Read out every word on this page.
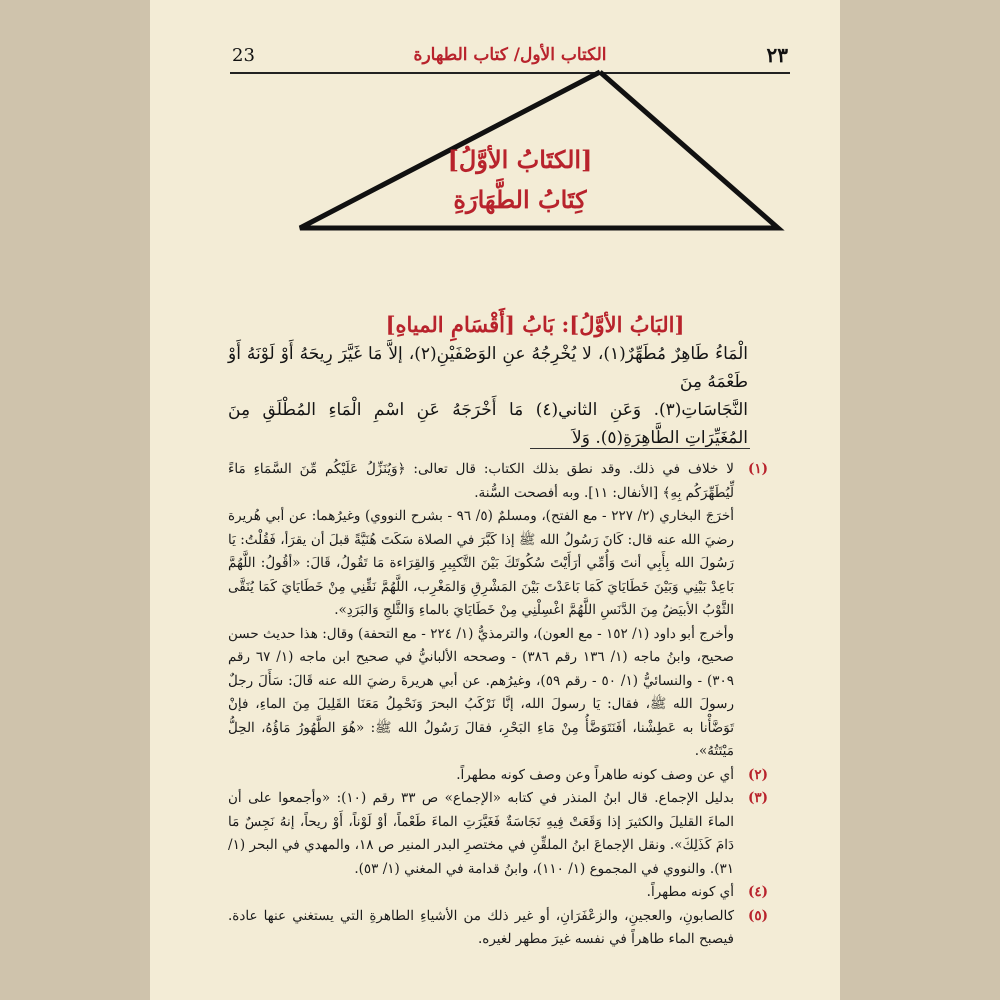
23	الكتاب الأول/ كتاب الطهارة	٢٣
[الكتَابُ الأوَّلُ]
كِتَابُ الطَّهَارَةِ
[البَابُ الأوَّلُ]: بَابُ [أَقْسَامِ المياهِ]

الْمَاءُ طَاهِرٌ مُطَهِّرٌ(١)، لا يُخْرِجُهُ عنِ الوَصْفَيْنِ(٢)، إلاَّ مَا غَيَّرَ رِيحَهُ أَوْ لَوْنَهُ أَوْ طَعْمَهُ مِنَ

النَّجَاسَاتِ(٣). وَعَنِ الثاني(٤) مَا أَخْرَجَهُ عَنِ اسْمِ الْمَاءِ المُطْلَقِ مِنَ المُغَيِّرَاتِ الطَّاهِرَةِ(٥). وَلاَ

(١)

لا خلاف في ذلك. وقد نطق بذلك الكتاب: قال تعالى: ﴿وَيُنَزِّلُ عَلَيْكُم مِّنَ السَّمَاءِ مَاءً لِّيُطَهِّرَكُم بِهِ﴾ [الأنفال: ١١]. وبه أفصحت السُّنة.

أخرَجَ البخاري (٢/ ٢٢٧ - مع الفتح)، ومسلمٌ (٥/ ٩٦ - بشرح النووي) وغيرُهما: عن أبي هُريرة رضيَ الله عنه قال: كَانَ رَسُولُ الله ﷺ إذا كَبَّرَ في الصلاة سَكَتَ هُنَيَّةً قبلَ أن يقرَأ، فَقُلْتُ: يَا رَسُولَ الله بِأَبِي أنتَ وَأُمِّي أرَأَيْتَ سُكُوتَكَ بَيْنَ التَّكبِيرِ وَالقِرَاءة مَا تَقُولُ، قَالَ: «أقُولُ: اللَّهُمَّ بَاعِدْ بَيْنِي وَبَيْنَ خَطَايَايَ كَمَا بَاعَدْتَ بَيْنَ المَشْرِقِ وَالمَغْرِب، اللَّهُمَّ نَقِّنِي مِنْ خَطَايَايَ كَمَا يُنَقَّى الثَّوْبُ الأبيَضُ مِنَ الدَّنَسِ اللَّهُمَّ اغْسِلْنِي مِنْ خَطَايَايَ بالماءِ وَالثَّلجِ وَالبَرَدِ».

وأخرج أبو داود (١/ ١٥٢ - مع العون)، والترمذيُّ (١/ ٢٢٤ - مع التحفة) وقال: هذا حديث حسن صحيح، وابنُ ماجه (١/ ١٣٦ رقم ٣٨٦) - وصححه الألبانيُّ في صحيح ابن ماجه (١/ ٦٧ رقم ٣٠٩) - والنسائيُّ (١/ ٥٠ - رقم ٥٩)، وغيرُهم. عن أبي هريرةَ رضيَ الله عنه قَالَ: سَأَلَ رجلٌ رسولَ الله ﷺ، فقال: يَا رسولَ الله، إنَّا نَرْكَبُ البحرَ وَنَحْمِلُ مَعَنَا القَلِيلَ مِنَ الماءِ، فإنْ تَوَضَّأْنا به عَطِشْنا، أفَنَتَوَضَّأُ مِنْ مَاءِ البَحْرِ، فقالَ رَسُولُ الله ﷺ: «هُوَ الطَّهُورُ مَاؤُهُ، الحِلُّ مَيْتَتُهُ».

(٢)

أي عن وصف كونه طاهراً وعن وصف كونه مطهراً.

(٣)

بدليل الإجماع. قال ابنُ المنذر في كتابه «الإجماع» ص ٣٣ رقم (١٠): «وأجمعوا على أن الماءَ القليلَ والكثيرَ إذا وَقَعَتْ فِيهِ نَجَاسَةٌ فَغَيَّرَتِ الماءَ طَعْماً، أوْ لَوْناً، أَوْ ريحاً، إنهُ نَجِسٌ مَا دَامَ كَذَلِكَ». ونقل الإجماعَ ابنُ الملقِّنِ في مختصرِ البدر المنير ص ١٨، والمهدي في البحر (١/ ٣١). والنووي في المجموع (١/ ١١٠)، وابنُ قدامة في المغني (١/ ٥٣).

(٤)

أي كونه مطهراً.

(٥)

كالصابونِ، والعجينِ، والزعْفَرَانِ، أو غير ذلك من الأشياءِ الطاهرةِ التي يستغني عنها عادة. فيصبح الماء طاهراً في نفسه غيرَ مطهر لغيره.
